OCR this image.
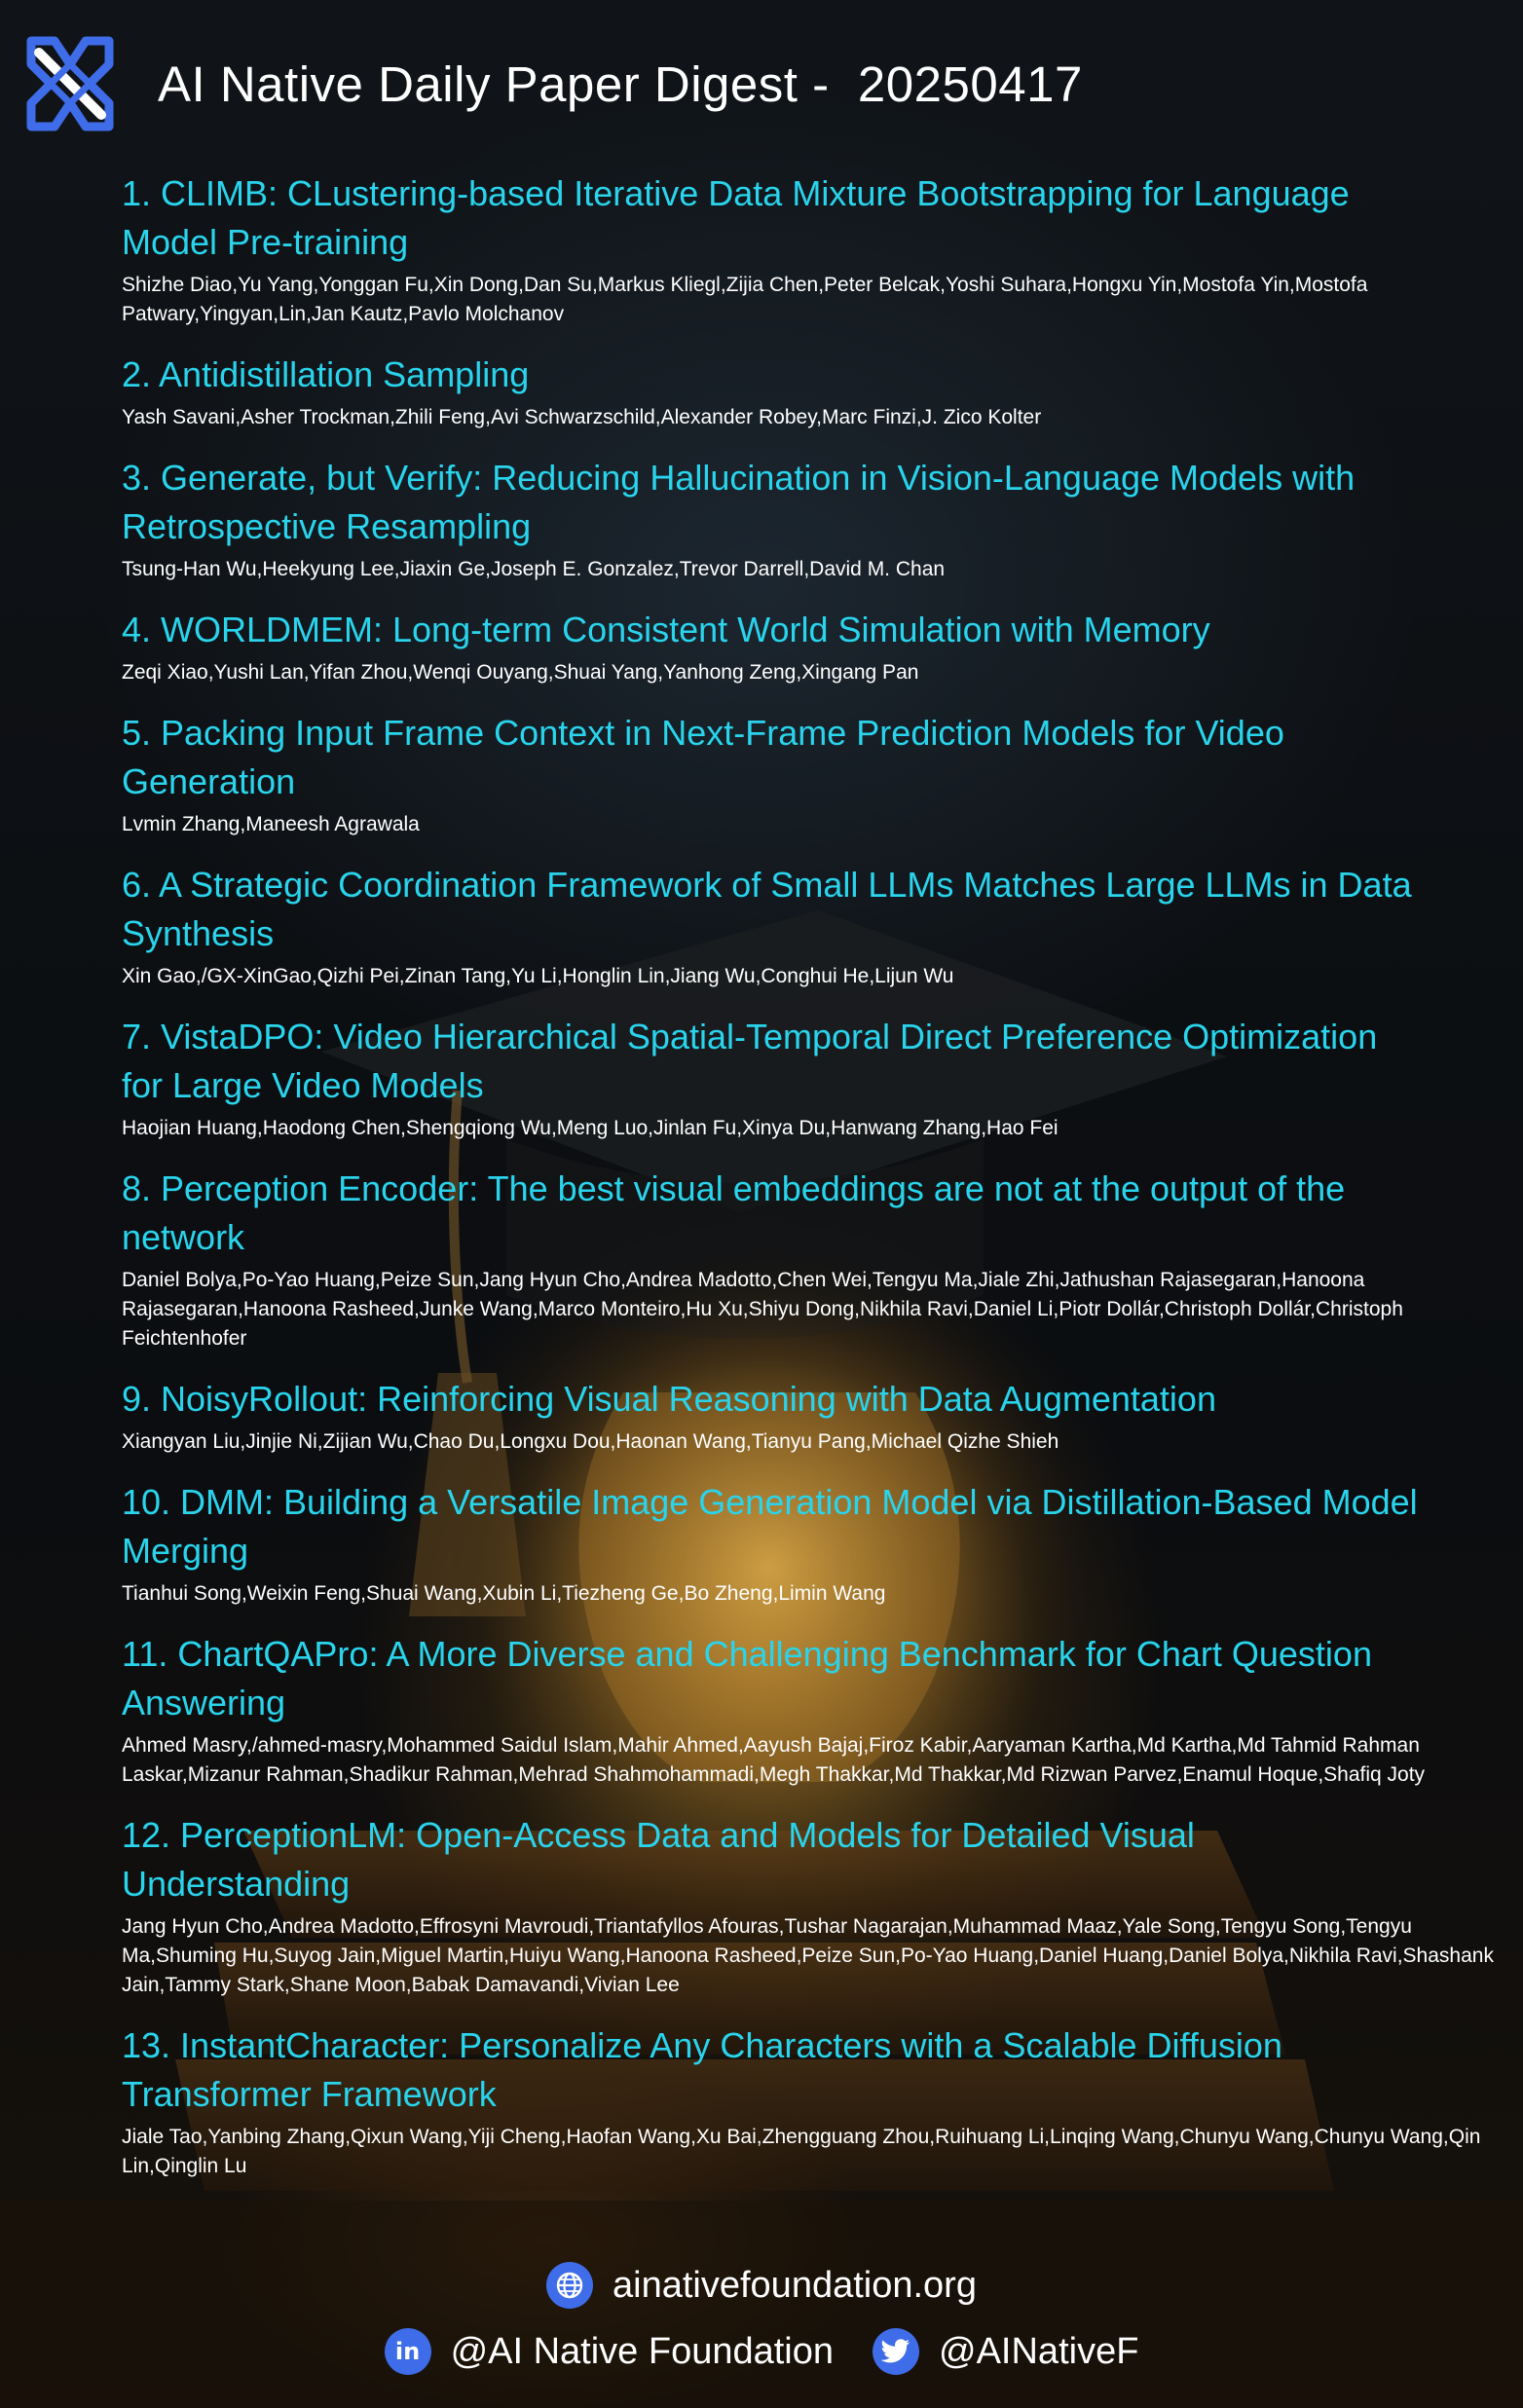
AI Native Daily Paper Digest -  20250417
1. CLIMB: CLustering-based Iterative Data Mixture Bootstrapping for Language Model Pre-training
Shizhe Diao,Yu Yang,Yonggan Fu,Xin Dong,Dan Su,Markus Kliegl,Zijia Chen,Peter Belcak,Yoshi Suhara,Hongxu Yin,Mostofa Yin,Mostofa Patwary,Yingyan,Lin,Jan Kautz,Pavlo Molchanov
2. Antidistillation Sampling
Yash Savani,Asher Trockman,Zhili Feng,Avi Schwarzschild,Alexander Robey,Marc Finzi,J. Zico Kolter
3. Generate, but Verify: Reducing Hallucination in Vision-Language Models with Retrospective Resampling
Tsung-Han Wu,Heekyung Lee,Jiaxin Ge,Joseph E. Gonzalez,Trevor Darrell,David M. Chan
4. WORLDMEM: Long-term Consistent World Simulation with Memory
Zeqi Xiao,Yushi Lan,Yifan Zhou,Wenqi Ouyang,Shuai Yang,Yanhong Zeng,Xingang Pan
5. Packing Input Frame Context in Next-Frame Prediction Models for Video Generation
Lvmin Zhang,Maneesh Agrawala
6. A Strategic Coordination Framework of Small LLMs Matches Large LLMs in Data Synthesis
Xin Gao,/GX-XinGao,Qizhi Pei,Zinan Tang,Yu Li,Honglin Lin,Jiang Wu,Conghui He,Lijun Wu
7. VistaDPO: Video Hierarchical Spatial-Temporal Direct Preference Optimization for Large Video Models
Haojian Huang,Haodong Chen,Shengqiong Wu,Meng Luo,Jinlan Fu,Xinya Du,Hanwang Zhang,Hao Fei
8. Perception Encoder: The best visual embeddings are not at the output of the network
Daniel Bolya,Po-Yao Huang,Peize Sun,Jang Hyun Cho,Andrea Madotto,Chen Wei,Tengyu Ma,Jiale Zhi,Jathushan Rajasegaran,Hanoona Rajasegaran,Hanoona Rasheed,Junke Wang,Marco Monteiro,Hu Xu,Shiyu Dong,Nikhila Ravi,Daniel Li,Piotr Dollár,Christoph Dollár,Christoph Feichtenhofer
9. NoisyRollout: Reinforcing Visual Reasoning with Data Augmentation
Xiangyan Liu,Jinjie Ni,Zijian Wu,Chao Du,Longxu Dou,Haonan Wang,Tianyu Pang,Michael Qizhe Shieh
10. DMM: Building a Versatile Image Generation Model via Distillation-Based Model Merging
Tianhui Song,Weixin Feng,Shuai Wang,Xubin Li,Tiezheng Ge,Bo Zheng,Limin Wang
11. ChartQAPro: A More Diverse and Challenging Benchmark for Chart Question Answering
Ahmed Masry,/ahmed-masry,Mohammed Saidul Islam,Mahir Ahmed,Aayush Bajaj,Firoz Kabir,Aaryaman Kartha,Md Kartha,Md Tahmid Rahman Laskar,Mizanur Rahman,Shadikur Rahman,Mehrad Shahmohammadi,Megh Thakkar,Md Thakkar,Md Rizwan Parvez,Enamul Hoque,Shafiq Joty
12. PerceptionLM: Open-Access Data and Models for Detailed Visual Understanding
Jang Hyun Cho,Andrea Madotto,Effrosyni Mavroudi,Triantafyllos Afouras,Tushar Nagarajan,Muhammad Maaz,Yale Song,Tengyu Song,Tengyu Ma,Shuming Hu,Suyog Jain,Miguel Martin,Huiyu Wang,Hanoona Rasheed,Peize Sun,Po-Yao Huang,Daniel Huang,Daniel Bolya,Nikhila Ravi,Shashank Jain,Tammy Stark,Shane Moon,Babak Damavandi,Vivian Lee
13. InstantCharacter: Personalize Any Characters with a Scalable Diffusion Transformer Framework
Jiale Tao,Yanbing Zhang,Qixun Wang,Yiji Cheng,Haofan Wang,Xu Bai,Zhengguang Zhou,Ruihuang Li,Linqing Wang,Chunyu Wang,Chunyu Wang,Qin Lin,Qinglin Lu
ainativefoundation.org
in @AI Native Foundation	@AINativeF
